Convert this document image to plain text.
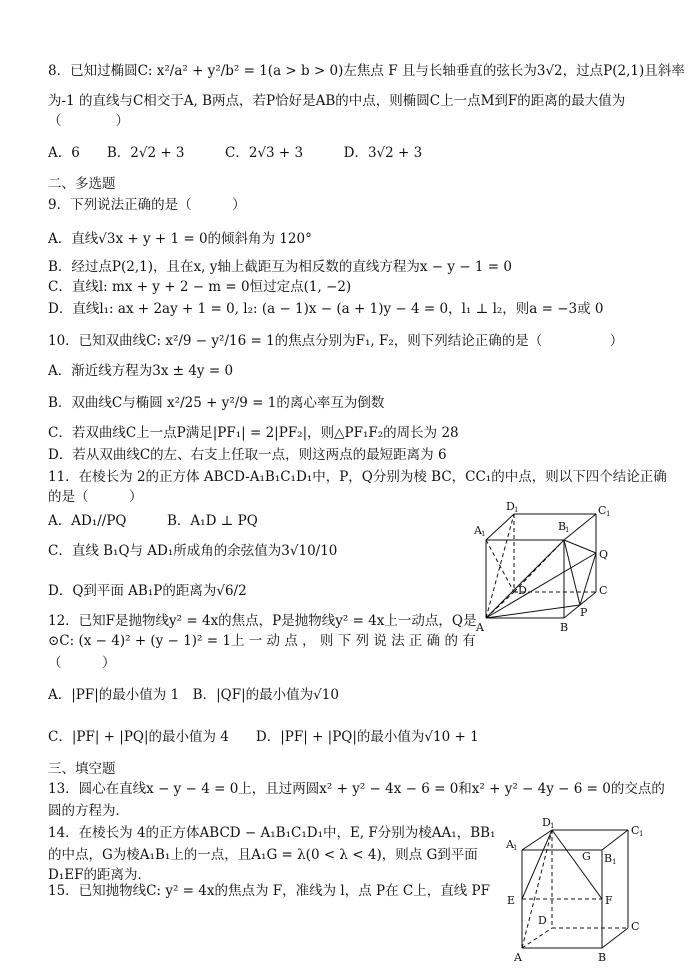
8．已知过椭圆C: x²/a² + y²/b² = 1(a > b > 0)左焦点 F 且与长轴垂直的弦长为3√2，过点P(2,1)且斜率
为-1 的直线与C相交于A, B两点，若P恰好是AB的中点，则椭圆C上一点M到F的距离的最大值为
（　　　　）
A．6　　B．2√2 + 3　　　C．2√3 + 3　　　D．3√2 + 3
二、多选题
9．下列说法正确的是（　　　）
A．直线√3x + y + 1 = 0的倾斜角为 120°
B．经过点P(2,1)，且在x, y轴上截距互为相反数的直线方程为x − y − 1 = 0
C．直线l: mx + y + 2 − m = 0恒过定点(1, −2)
D．直线l₁: ax + 2ay + 1 = 0, l₂: (a − 1)x − (a + 1)y − 4 = 0，l₁ ⊥ l₂，则a = −3或 0
10．已知双曲线C: x²/9 − y²/16 = 1的焦点分别为F₁, F₂，则下列结论正确的是（　　　　　）
A．渐近线方程为3x ± 4y = 0
B．双曲线C与椭圆 x²/25 + y²/9 = 1的离心率互为倒数
C．若双曲线C上一点P满足|PF₁| = 2|PF₂|，则△PF₁F₂的周长为 28
D．若从双曲线C的左、右支上任取一点，则这两点的最短距离为 6
11．在棱长为 2的正方体 ABCD-A₁B₁C₁D₁中，P，Q分别为棱 BC，CC₁的中点，则以下四个结论正确
的是（　　　）
A．AD₁//PQ　　　B．A₁D ⊥ PQ
C．直线 B₁Q与 AD₁所成角的余弦值为3√10/10
D．Q到平面 AB₁P的距离为√6/2
12．已知F是抛物线y² = 4x的焦点，P是抛物线y² = 4x上一动点，Q是
⊙C: (x − 4)² + (y − 1)² = 1上 一 动 点 ， 则 下 列 说 法 正 确 的 有
（　　　）
A．|PF|的最小值为 1　B．|QF|的最小值为√10
C．|PF| + |PQ|的最小值为 4　　D．|PF| + |PQ|的最小值为√10 + 1
三、填空题
13．圆心在直线x − y − 4 = 0上，且过两圆x² + y² − 4x − 6 = 0和x² + y² − 4y − 6 = 0的交点的
圆的方程为．
14．在棱长为 4的正方体ABCD − A₁B₁C₁D₁中，E, F分别为棱AA₁，BB₁
的中点，G为棱A₁B₁上的一点，且A₁G = λ(0 < λ < 4)，则点 G到平面
D₁EF的距离为．
15．已知抛物线C: y² = 4x的焦点为 F，准线为 l，点 P在 C上，直线 PF
A 1
D 1
B
1
C 1
Q
C
D
P
A	B
A 1
D 1
G B 1
C 1
E	F
D	C
A	B
